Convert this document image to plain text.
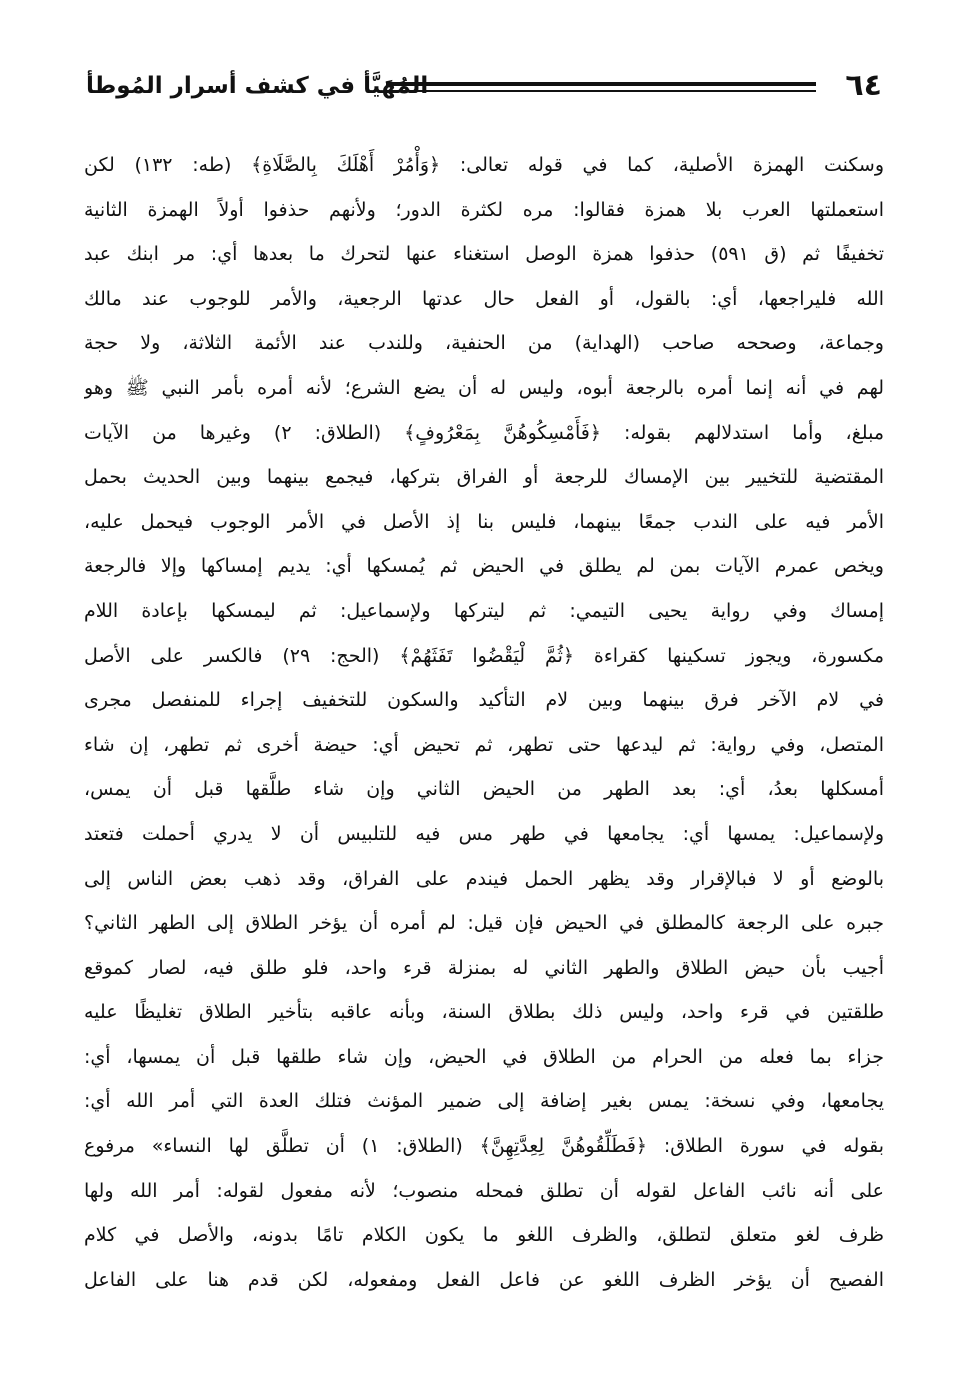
٦٤
المُهَيَّأ في كشف أسرار المُوطأ
وسكنت الهمزة الأصلية، كما في قوله تعالى: ﴿وَأْمُرْ أَهْلَكَ بِالصَّلَاةِ﴾ (طه: ١٣٢) لكن
استعملتها العرب بلا همزة فقالوا: مره لكثرة الدور؛ ولأنهم حذفوا أولاً الهمزة الثانية
تخفيفًا ثم (ق ٥٩١) حذفوا همزة الوصل استغناء عنها لتحرك ما بعدها أي: مر ابنك عبد
الله فليراجعها، أي: بالقول، أو الفعل حال عدتها الرجعية، والأمر للوجوب عند مالك
وجماعة، وصححه صاحب (الهداية) من الحنفية، وللندب عند الأئمة الثلاثة، ولا حجة
لهم في أنه إنما أمره بالرجعة أبوه، وليس له أن يضع الشرع؛ لأنه أمره بأمر النبي ﷺ وهو
مبلغ، وأما استدلالهم بقوله: ﴿فَأَمْسِكُوهُنَّ بِمَعْرُوفٍ﴾ (الطلاق: ٢) وغيرها من الآيات
المقتضية للتخيير بين الإمساك للرجعة أو الفراق بتركها، فيجمع بينهما وبين الحديث بحمل
الأمر فيه على الندب جمعًا بينهما، فليس بنا إذ الأصل في الأمر الوجوب فيحمل عليه،
ويخص عمرم الآيات بمن لم يطلق في الحيض ثم يُمسكها أي: يديم إمساكها وإلا فالرجعة
إمساك وفي رواية يحيى التيمي: ثم ليتركها ولإسماعيل: ثم ليمسكها بإعادة اللام
مكسورة، ويجوز تسكينها كقراءة ﴿ثُمَّ لْيَقْضُوا تَفَثَهُمْ﴾ (الحج: ٢٩) فالكسر على الأصل
في لام الآخر فرق بينهما وبين لام التأكيد والسكون للتخفيف إجراء للمنفصل مجرى
المتصل، وفي رواية: ثم ليدعها حتى تطهر، ثم تحيض أي: حيضة أخرى ثم تطهر، إن شاء
أمسكلها بعدُ، أي: بعد الطهر من الحيض الثاني وإن شاء طلَّقها قبل أن يمس،
ولإسماعيل: يمسها أي: يجامعها في طهر مس فيه للتلبيس أن لا يدري أحملت فتعتد
بالوضع أو لا فبالإقرار وقد يظهر الحمل فيندم على الفراق، وقد ذهب بعض الناس إلى
جبره على الرجعة كالمطلق في الحيض فإن قيل: لم أمره أن يؤخر الطلاق إلى الطهر الثاني؟
أجيب بأن حيض الطلاق والطهر الثاني له بمنزلة قرء واحد، فلو طلق فيه، لصار كموقع
طلقتين في قرء واحد، وليس ذلك بطلاق السنة، وبأنه عاقبه بتأخير الطلاق تغليظًا عليه
جزاء بما فعله من الحرام من الطلاق في الحيض، وإن شاء طلقها قبل أن يمسها، أي:
يجامعها، وفي نسخة: يمس بغير إضافة إلى ضمير المؤنث فتلك العدة التي أمر الله أي:
بقوله في سورة الطلاق: ﴿فَطَلِّقُوهُنَّ لِعِدَّتِهِنَّ﴾ (الطلاق: ١) أن تطلَّق لها النساء» مرفوع
على أنه نائب الفاعل لقوله أن تطلق فمحله منصوب؛ لأنه مفعول لقوله: أمر الله ولها
ظرف لغو متعلق لتطلق، والظرف اللغو ما يكون الكلام تامًا بدونه، والأصل في كلام
الفصيح أن يؤخر الظرف اللغو عن فاعل الفعل ومفعوله، لكن قدم هنا على الفاعل
